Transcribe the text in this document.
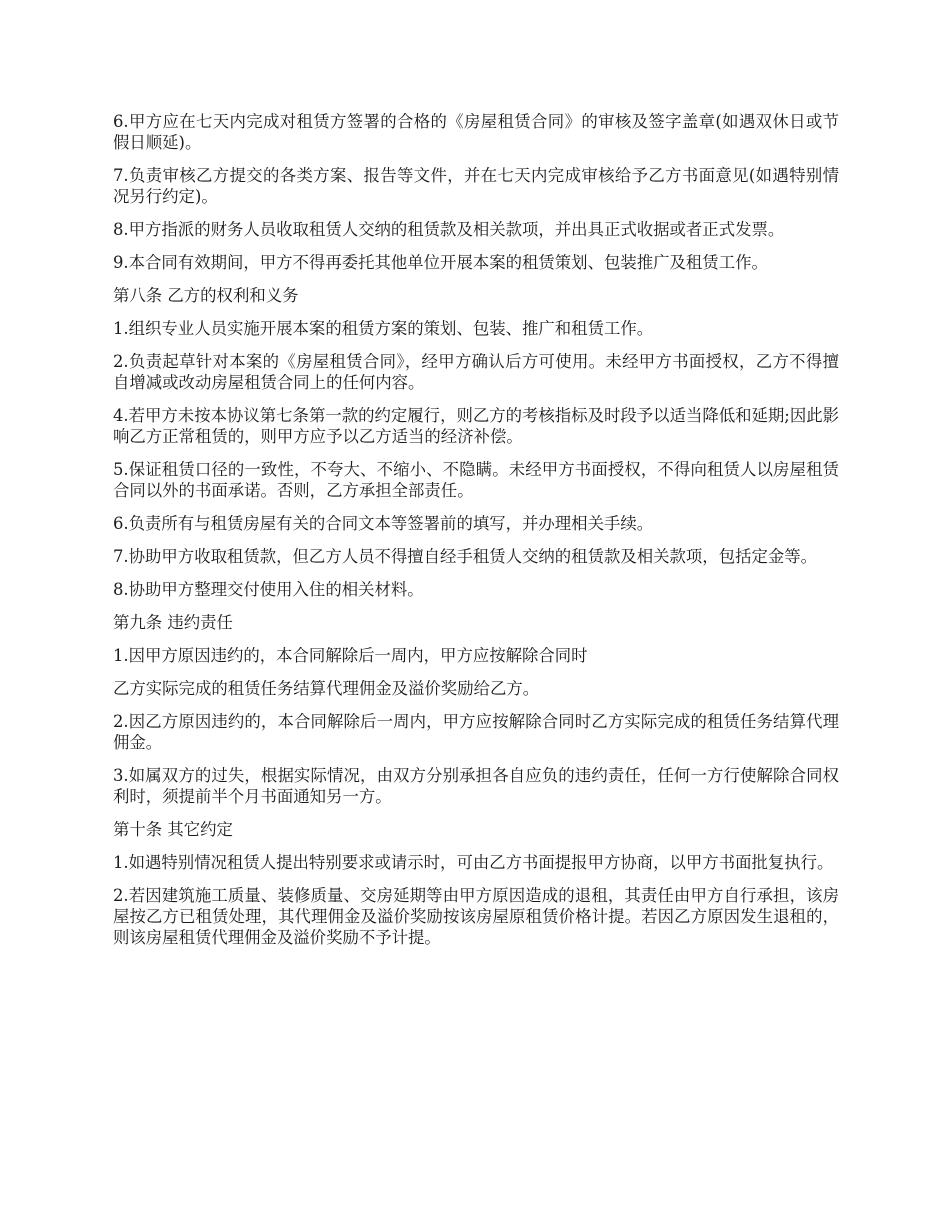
6.甲方应在七天内完成对租赁方签署的合格的《房屋租赁合同》的审核及签字盖章(如遇双休日或节假日顺延)。

7.负责审核乙方提交的各类方案、报告等文件，并在七天内完成审核给予乙方书面意见(如遇特别情况另行约定)。

8.甲方指派的财务人员收取租赁人交纳的租赁款及相关款项，并出具正式收据或者正式发票。

9.本合同有效期间，甲方不得再委托其他单位开展本案的租赁策划、包装推广及租赁工作。

第八条 乙方的权利和义务

1.组织专业人员实施开展本案的租赁方案的策划、包装、推广和租赁工作。

2.负责起草针对本案的《房屋租赁合同》，经甲方确认后方可使用。未经甲方书面授权，乙方不得擅自增减或改动房屋租赁合同上的任何内容。

4.若甲方未按本协议第七条第一款的约定履行，则乙方的考核指标及时段予以适当降低和延期;因此影响乙方正常租赁的，则甲方应予以乙方适当的经济补偿。

5.保证租赁口径的一致性，不夸大、不缩小、不隐瞒。未经甲方书面授权，不得向租赁人以房屋租赁合同以外的书面承诺。否则，乙方承担全部责任。

6.负责所有与租赁房屋有关的合同文本等签署前的填写，并办理相关手续。

7.协助甲方收取租赁款，但乙方人员不得擅自经手租赁人交纳的租赁款及相关款项，包括定金等。

8.协助甲方整理交付使用入住的相关材料。

第九条 违约责任

1.因甲方原因违约的，本合同解除后一周内，甲方应按解除合同时

乙方实际完成的租赁任务结算代理佣金及溢价奖励给乙方。

2.因乙方原因违约的，本合同解除后一周内，甲方应按解除合同时乙方实际完成的租赁任务结算代理佣金。

3.如属双方的过失，根据实际情况，由双方分别承担各自应负的违约责任，任何一方行使解除合同权利时，须提前半个月书面通知另一方。

第十条 其它约定

1.如遇特别情况租赁人提出特别要求或请示时，可由乙方书面提报甲方协商，以甲方书面批复执行。

2.若因建筑施工质量、装修质量、交房延期等由甲方原因造成的退租，其责任由甲方自行承担，该房屋按乙方已租赁处理，其代理佣金及溢价奖励按该房屋原租赁价格计提。若因乙方原因发生退租的，则该房屋租赁代理佣金及溢价奖励不予计提。
